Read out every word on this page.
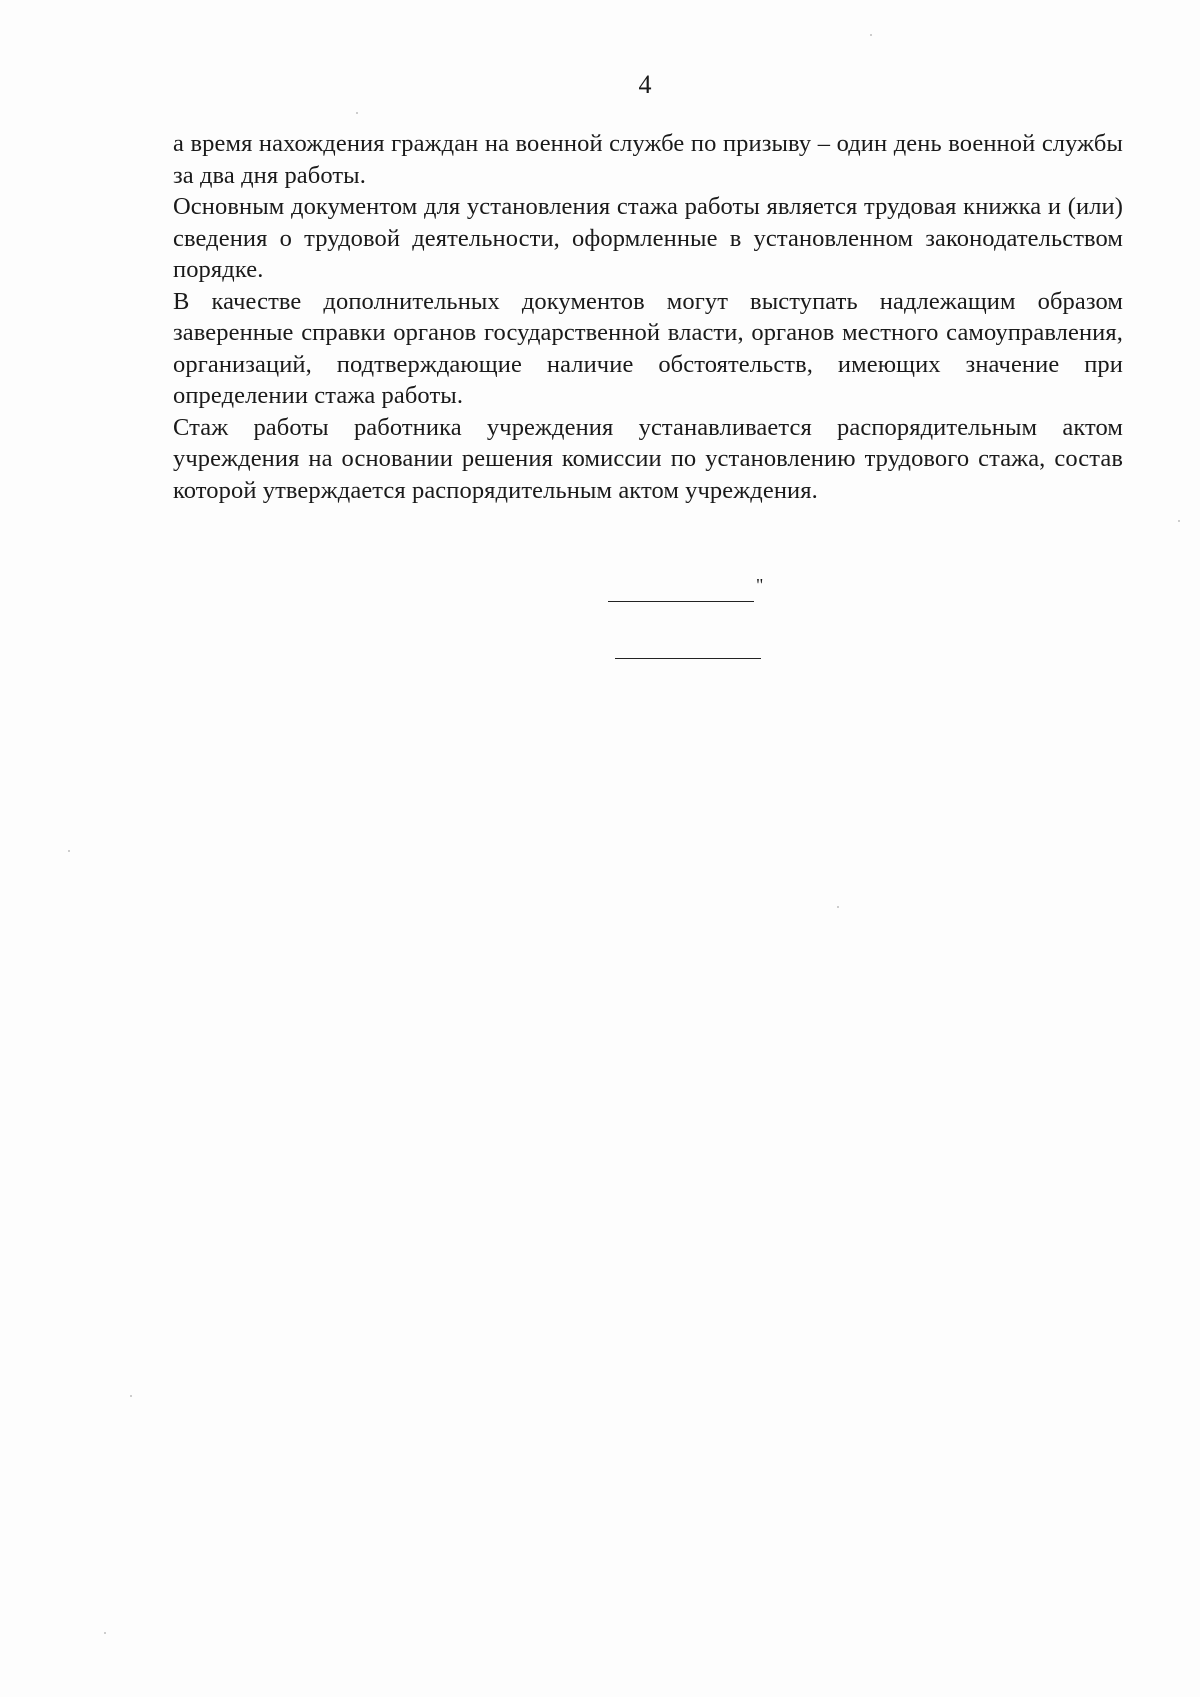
4

а время нахождения граждан на военной службе по призыву – один день военной службы за два дня работы.

Основным документом для установления стажа работы является трудовая книжка и (или) сведения о трудовой деятельности, оформленные в установленном законодательством порядке.

В качестве дополнительных документов могут выступать надлежащим образом заверенные справки органов государственной власти, органов местного самоуправления, организаций, подтверждающие наличие обстоятельств, имеющих значение при определении стажа работы.

Стаж работы работника учреждения устанавливается распорядительным актом учреждения на основании решения комиссии по установлению трудового стажа, состав которой утверждается распорядительным актом учреждения.

"
